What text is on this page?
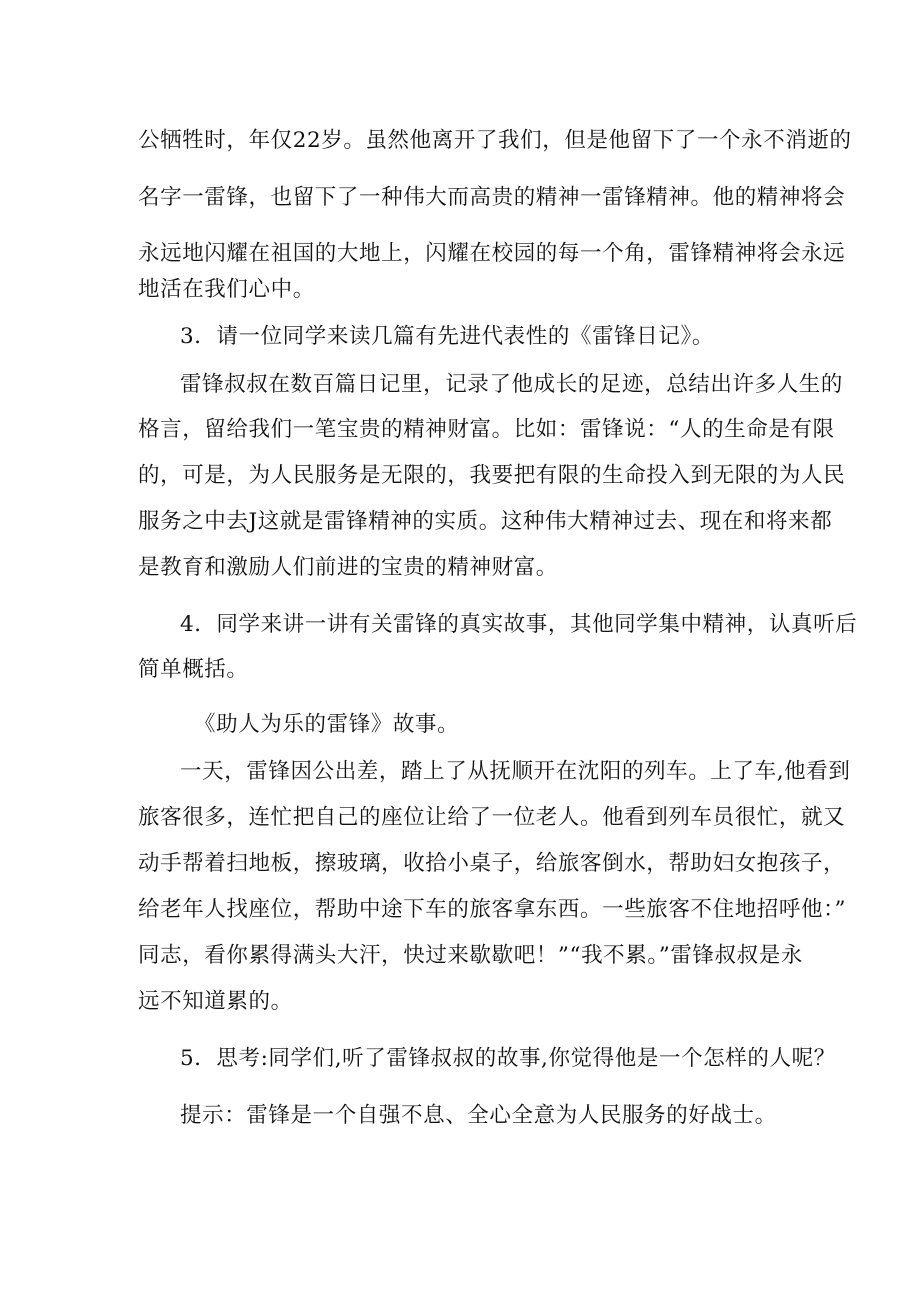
公牺牲时，年仅22岁。虽然他离开了我们，但是他留下了一个永不消逝的
名字一雷锋，也留下了一种伟大而高贵的精神一雷锋精神。他的精神将会
永远地闪耀在祖国的大地上，闪耀在校园的每一个角，雷锋精神将会永远
地活在我们心中。
3．请一位同学来读几篇有先进代表性的《雷锋日记》。
雷锋叔叔在数百篇日记里，记录了他成长的足迹，总结出许多人生的
格言，留给我们一笔宝贵的精神财富。比如：雷锋说：“人的生命是有限
的，可是，为人民服务是无限的，我要把有限的生命投入到无限的为人民
服务之中去J这就是雷锋精神的实质。这种伟大精神过去、现在和将来都
是教育和激励人们前进的宝贵的精神财富。
4．同学来讲一讲有关雷锋的真实故事，其他同学集中精神，认真听后
简单概括。
《助人为乐的雷锋》故事。
一天，雷锋因公出差，踏上了从抚顺开在沈阳的列车。上了车,他看到
旅客很多，连忙把自己的座位让给了一位老人。他看到列车员很忙，就又
动手帮着扫地板，擦玻璃，收拾小桌子，给旅客倒水，帮助妇女抱孩子，
给老年人找座位，帮助中途下车的旅客拿东西。一些旅客不住地招呼他：”
同志，看你累得满头大汗，快过来歇歇吧！”“我不累。”雷锋叔叔是永
远不知道累的。
5．思考:同学们,听了雷锋叔叔的故事,你觉得他是一个怎样的人呢？
提示：雷锋是一个自强不息、全心全意为人民服务的好战士。
